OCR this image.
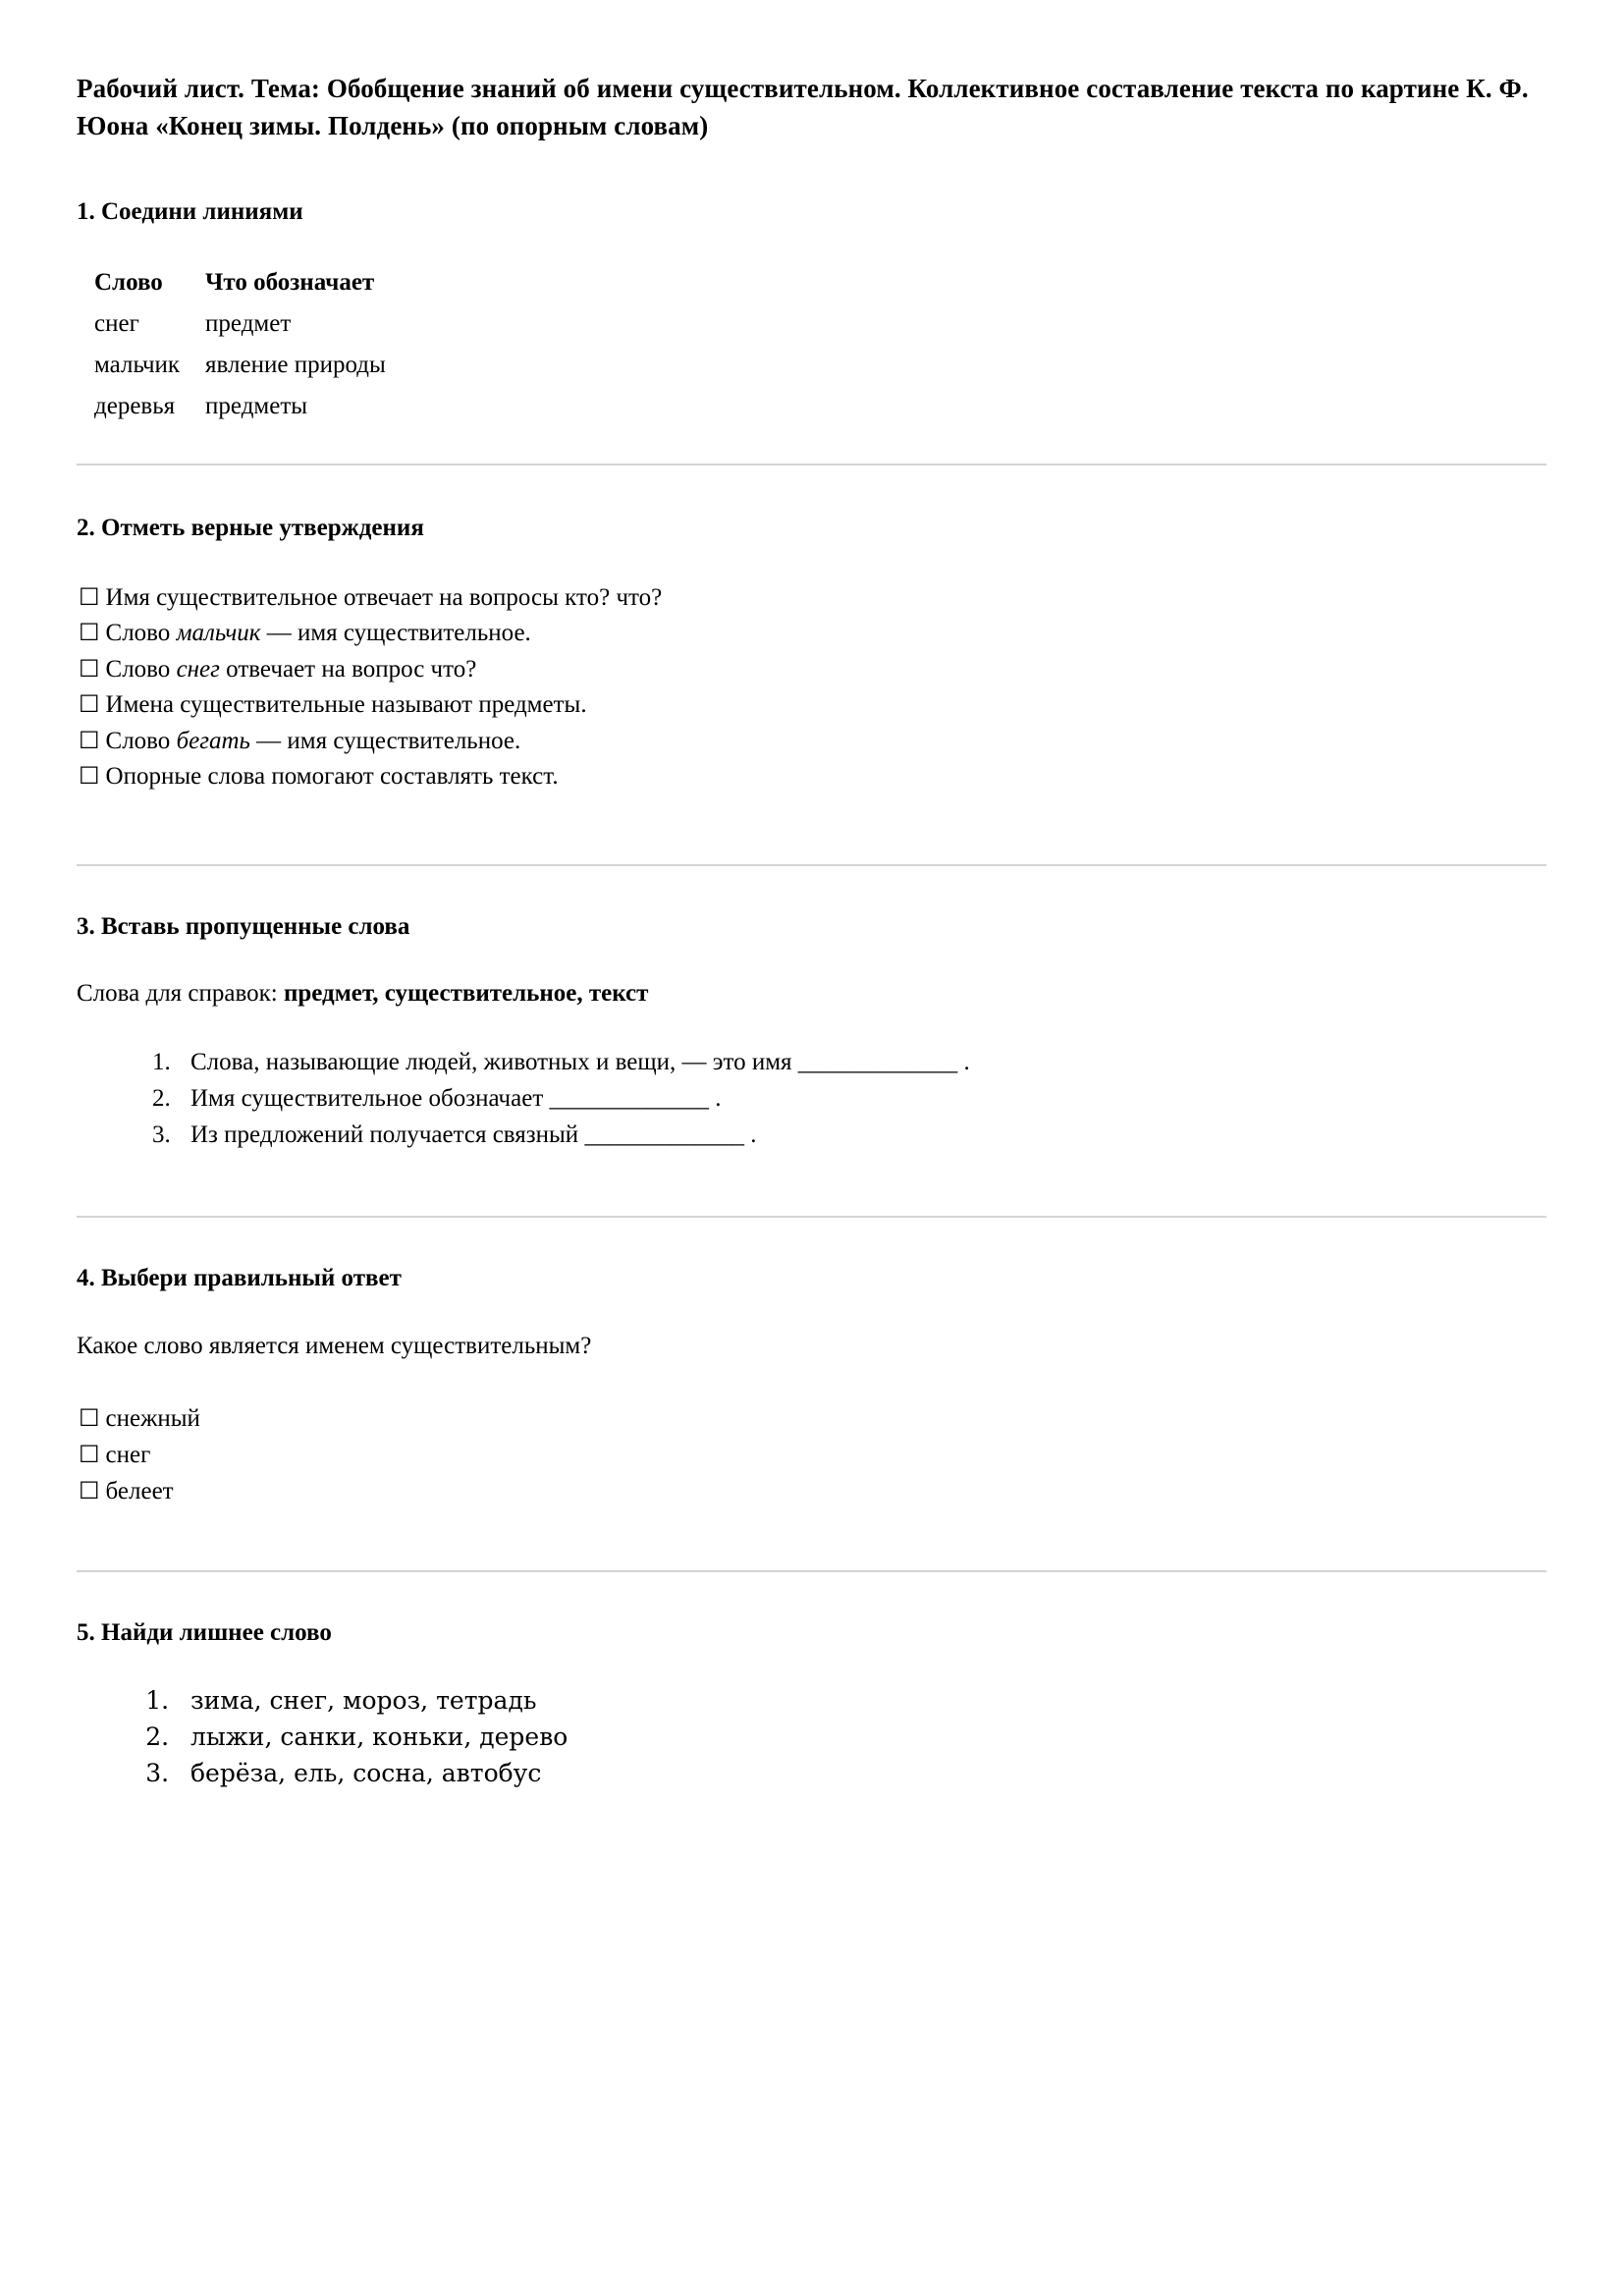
Рабочий лист. Тема: Обобщение знаний об имени существительном. Коллективное составление текста по картине К. Ф. Юона «Конец зимы. Полдень» (по опорным словам)
1. Соедини линиями
Слово	Что обозначает
снег	предмет
мальчик	явление природы
деревья	предметы
2. Отметь верные утверждения
☐ Имя существительное отвечает на вопросы кто? что?
☐ Слово мальчик — имя существительное.
☐ Слово снег отвечает на вопрос что?
☐ Имена существительные называют предметы.
☐ Слово бегать — имя существительное.
☐ Опорные слова помогают составлять текст.
3. Вставь пропущенные слова

Слова для справок: предмет, существительное, текст

1. Слова, называющие людей, животных и вещи, — это имя _____________ .
2. Имя существительное обозначает _____________ .
3. Из предложений получается связный _____________ .
4. Выбери правильный ответ

Какое слово является именем существительным?

☐ снежный
☐ снег
☐ белеет
5. Найди лишнее слово
1. зима, снег, мороз, тетрадь
2. лыжи, санки, коньки, дерево
3. берёза, ель, сосна, автобус
